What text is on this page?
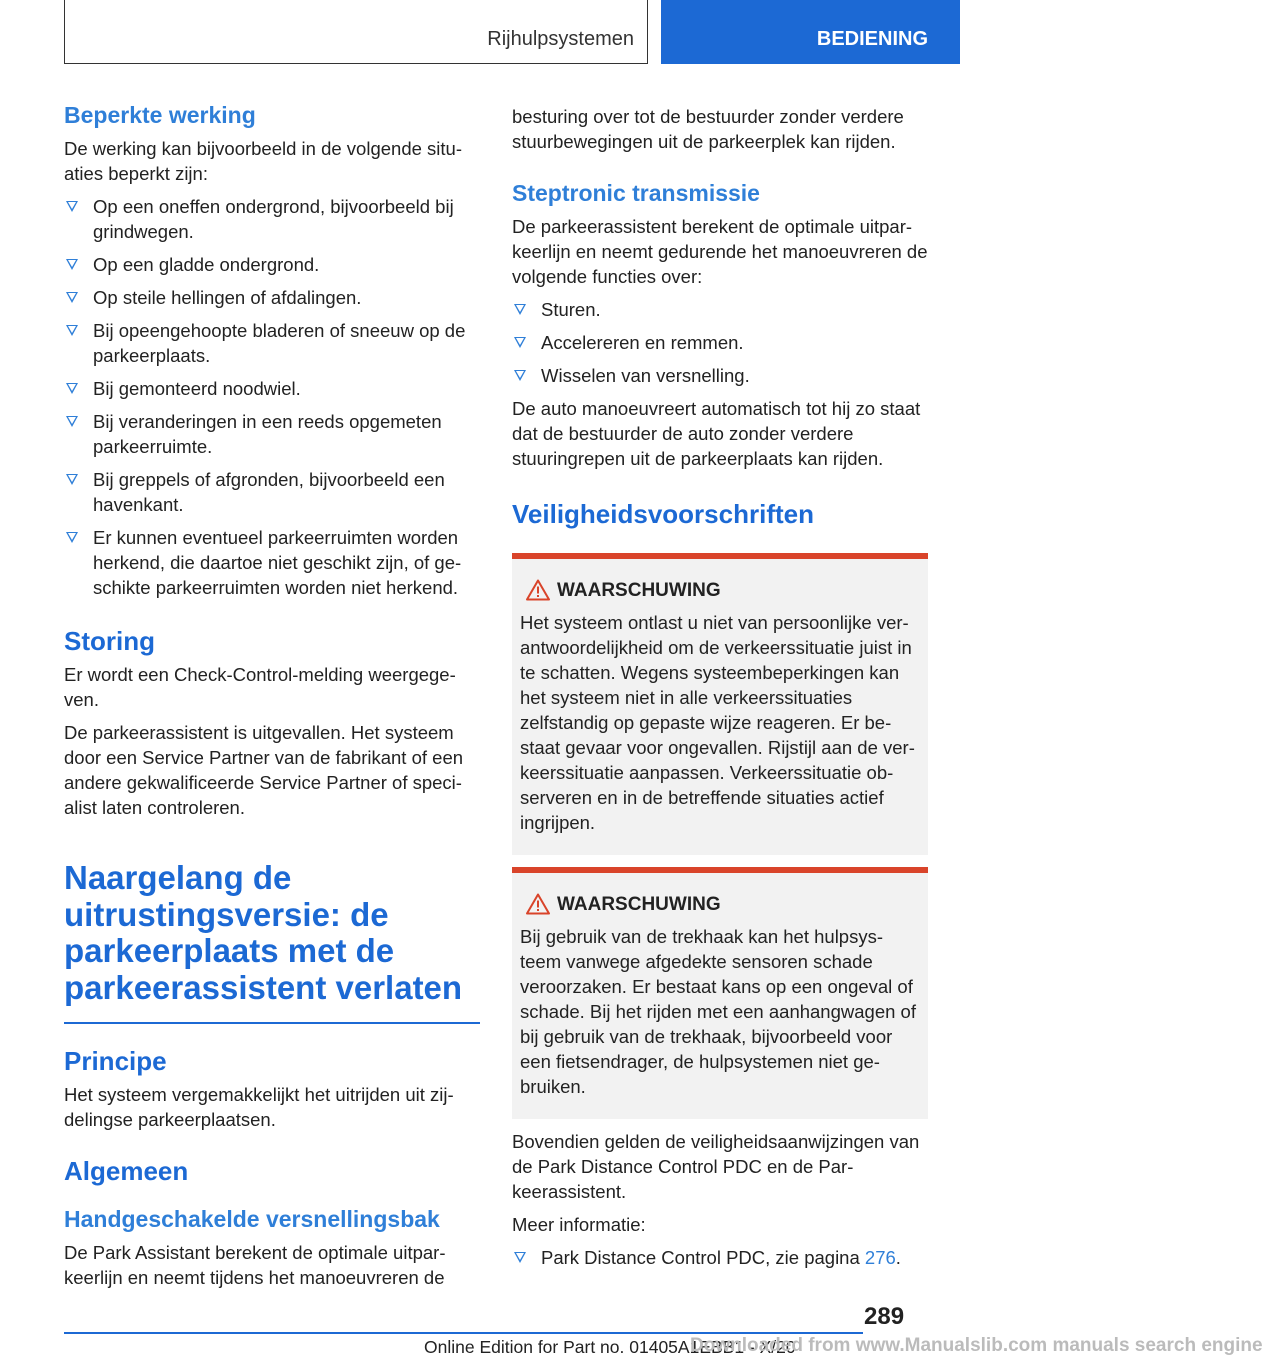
Rijhulpsystemen	BEDIENING
Beperkte werking

De werking kan bijvoorbeeld in de volgende situ-aties beperkt zijn:

Op een oneffen ondergrond, bijvoorbeeld bij grindwegen.
Op een gladde ondergrond.
Op steile hellingen of afdalingen.
Bij opeengehoopte bladeren of sneeuw op de parkeerplaats.
Bij gemonteerd noodwiel.
Bij veranderingen in een reeds opgemeten parkeerruimte.
Bij greppels of afgronden, bijvoorbeeld een havenkant.
Er kunnen eventueel parkeerruimten worden herkend, die daartoe niet geschikt zijn, of ge-schikte parkeerruimten worden niet herkend.
Storing

Er wordt een Check-Control-melding weergege-ven.

De parkeerassistent is uitgevallen. Het systeem door een Service Partner van de fabrikant of een andere gekwalificeerde Service Partner of speci-alist laten controleren.

Naargelang de uitrustingsversie: de parkeerplaats met de parkeerassistent verlaten
Principe

Het systeem vergemakkelijkt het uitrijden uit zij-delingse parkeerplaatsen.

Algemeen
Handgeschakelde versnellingsbak

De Park Assistant berekent de optimale uitpar-keerlijn en neemt tijdens het manoeuvreren de

besturing over tot de bestuurder zonder verdere stuurbewegingen uit de parkeerplek kan rijden.

Steptronic transmissie

De parkeerassistent berekent de optimale uitpar-keerlijn en neemt gedurende het manoeuvreren de volgende functies over:

Sturen.
Accelereren en remmen.
Wisselen van versnelling.

De auto manoeuvreert automatisch tot hij zo staat dat de bestuurder de auto zonder verdere stuuringrepen uit de parkeerplaats kan rijden.

Veiligheidsvoorschriften
WAARSCHUWING

Het systeem ontlast u niet van persoonlijke ver-antwoordelijkheid om de verkeerssituatie juist in te schatten. Wegens systeembeperkingen kan het systeem niet in alle verkeerssituaties zelfstandig op gepaste wijze reageren. Er be-staat gevaar voor ongevallen. Rijstijl aan de ver-keerssituatie aanpassen. Verkeerssituatie ob-serveren en in de betreffende situaties actief ingrijpen.

WAARSCHUWING

Bij gebruik van de trekhaak kan het hulpsys-teem vanwege afgedekte sensoren schade veroorzaken. Er bestaat kans op een ongeval of schade. Bij het rijden met een aanhangwagen of bij gebruik van de trekhaak, bijvoorbeeld voor een fietsendrager, de hulpsystemen niet ge-bruiken.

Bovendien gelden de veiligheidsaanwijzingen van de Park Distance Control PDC en de Par-keerassistent.

Meer informatie:

Park Distance Control PDC, zie pagina 276.
289
Online Edition for Part no. 01405A1EBB1 - X/20
Downloaded from www.Manualslib.com manuals search engine
